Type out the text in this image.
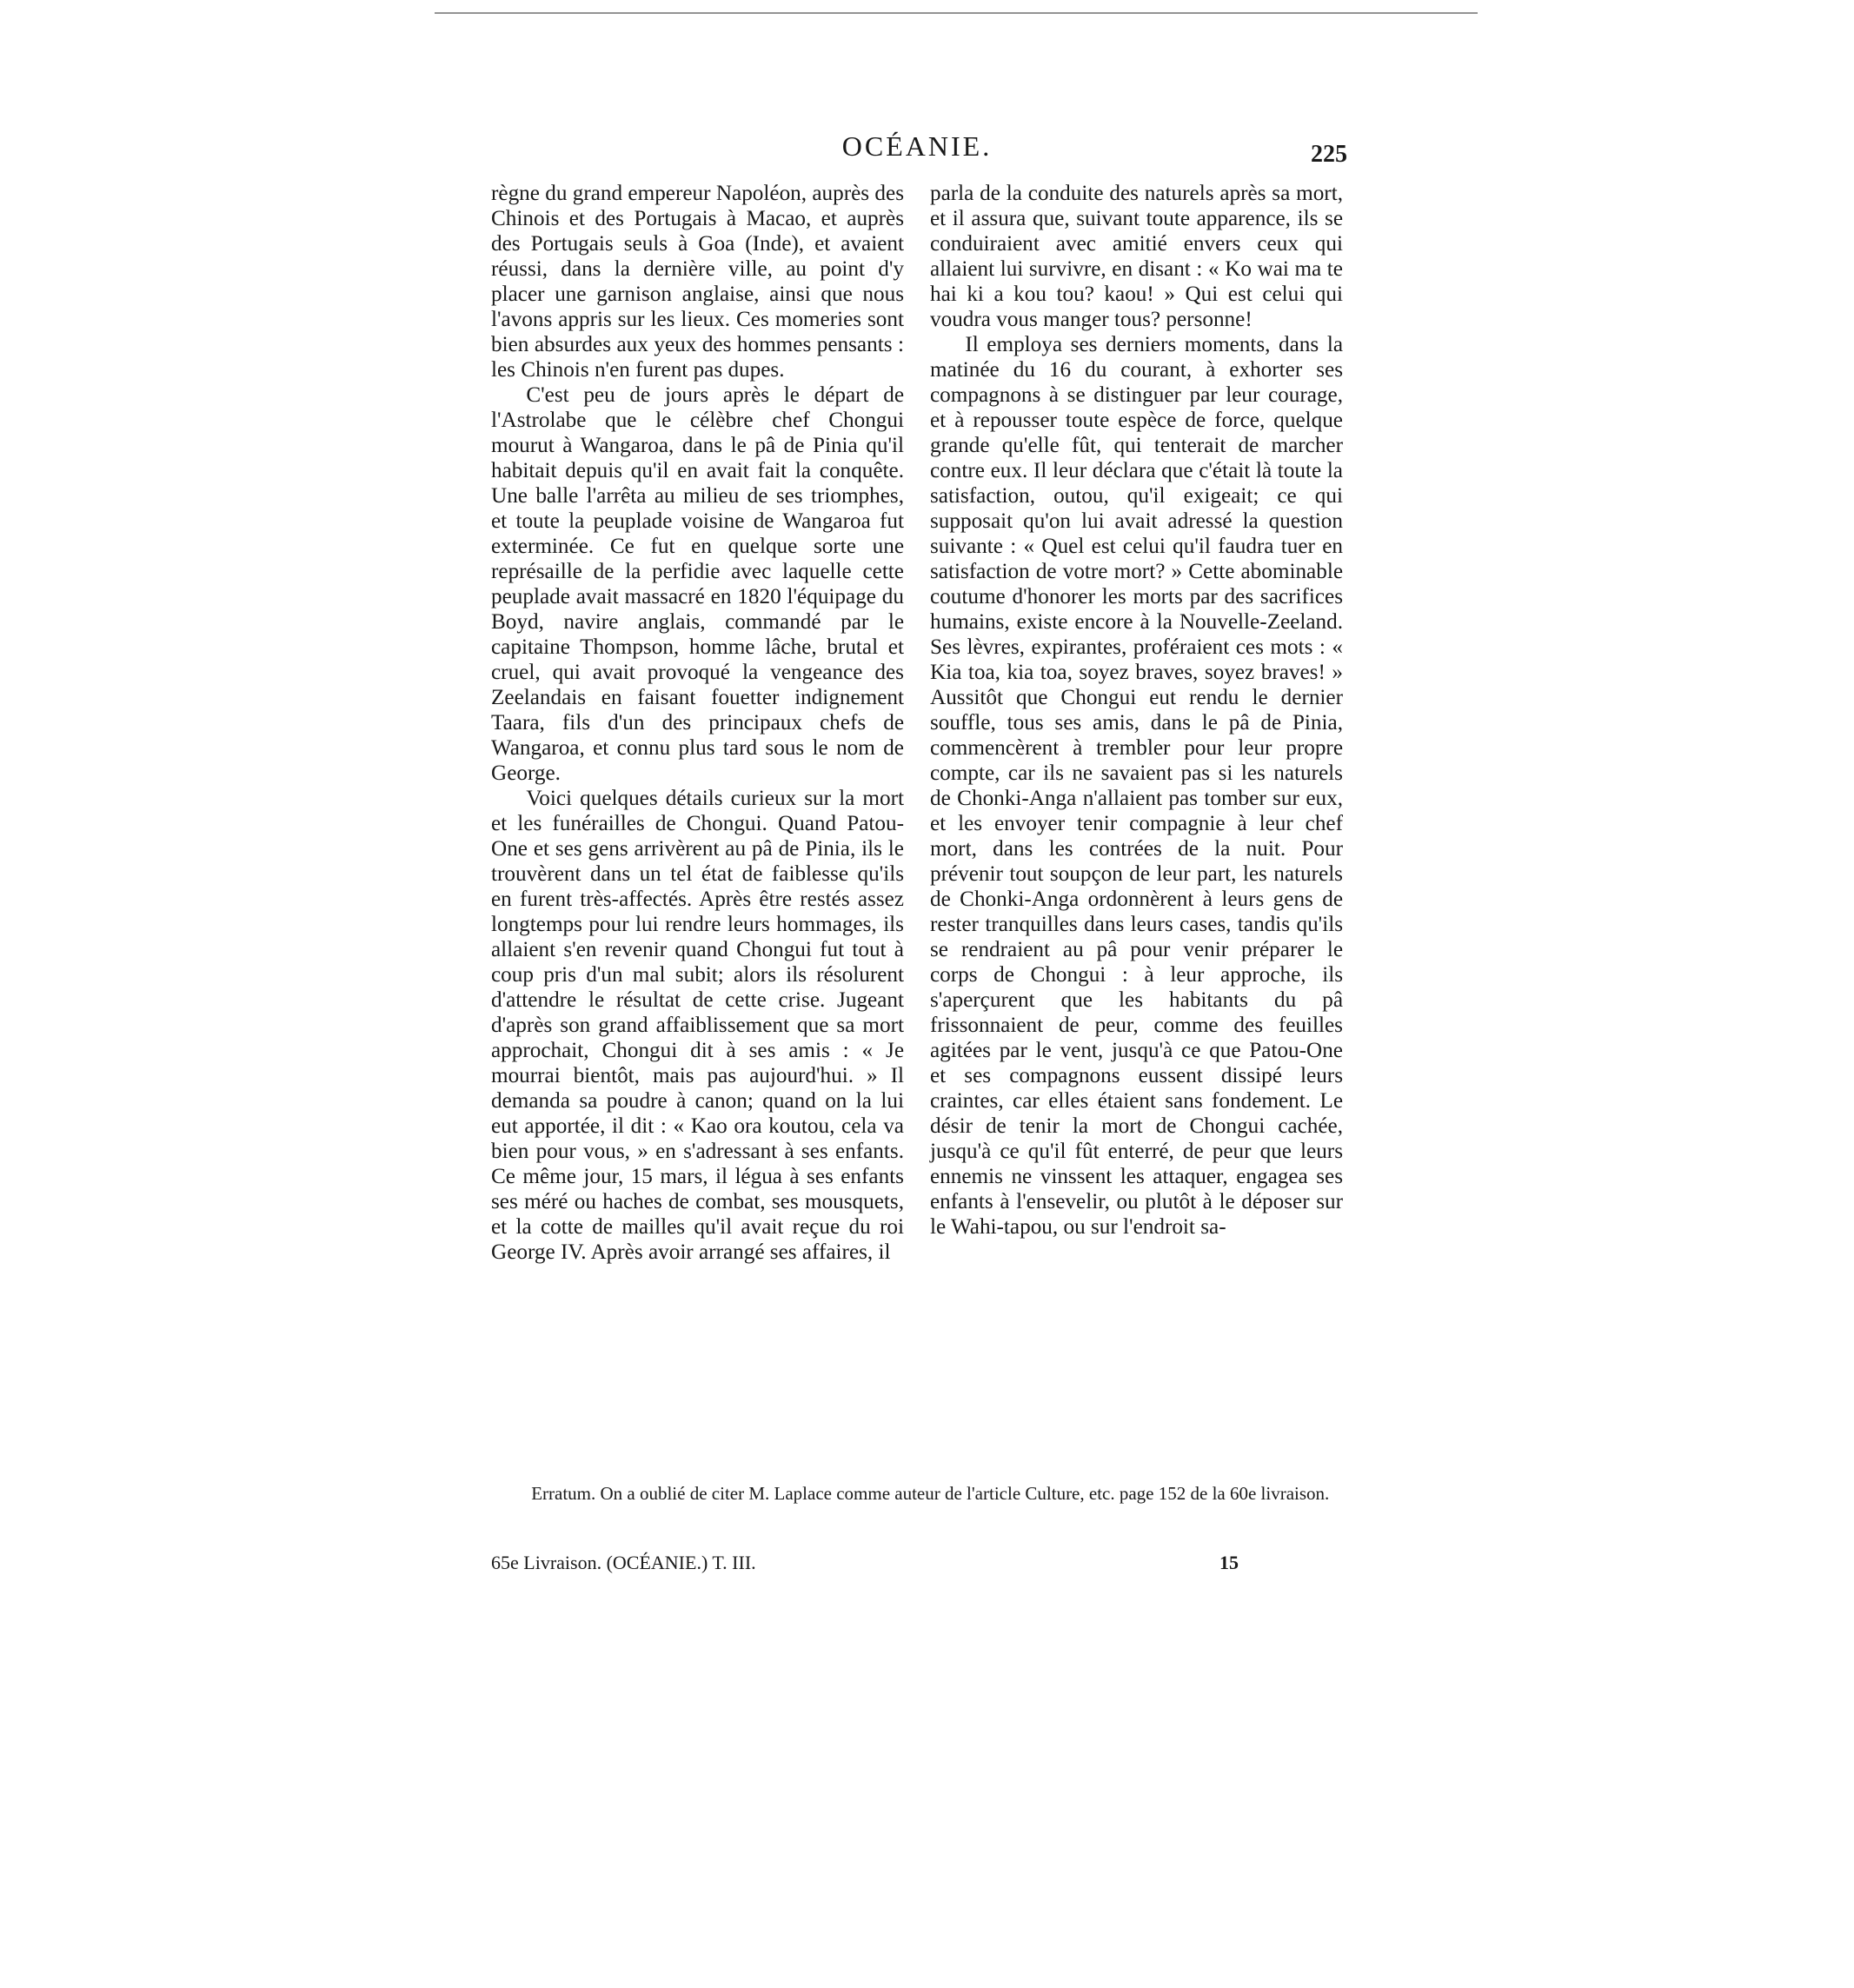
OCÉANIE.	225

règne du grand empereur Napoléon, auprès des Chinois et des Portugais à Macao, et auprès des Portugais seuls à Goa (Inde), et avaient réussi, dans la dernière ville, au point d'y placer une garnison anglaise, ainsi que nous l'avons appris sur les lieux. Ces momeries sont bien absurdes aux yeux des hommes pensants : les Chinois n'en furent pas dupes.

C'est peu de jours après le départ de l'Astrolabe que le célèbre chef Chongui mourut à Wangaroa, dans le pâ de Pinia qu'il habitait depuis qu'il en avait fait la conquête. Une balle l'arrêta au milieu de ses triomphes, et toute la peuplade voisine de Wangaroa fut exterminée. Ce fut en quelque sorte une représaille de la perfidie avec laquelle cette peuplade avait massacré en 1820 l'équipage du Boyd, navire anglais, commandé par le capitaine Thompson, homme lâche, brutal et cruel, qui avait provoqué la vengeance des Zeelandais en faisant fouetter indignement Taara, fils d'un des principaux chefs de Wangaroa, et connu plus tard sous le nom de George.

Voici quelques détails curieux sur la mort et les funérailles de Chongui. Quand Patou-One et ses gens arrivèrent au pâ de Pinia, ils le trouvèrent dans un tel état de faiblesse qu'ils en furent très-affectés. Après être restés assez longtemps pour lui rendre leurs hommages, ils allaient s'en revenir quand Chongui fut tout à coup pris d'un mal subit; alors ils résolurent d'attendre le résultat de cette crise. Jugeant d'après son grand affaiblissement que sa mort approchait, Chongui dit à ses amis : « Je mourrai bientôt, mais pas aujourd'hui. » Il demanda sa poudre à canon; quand on la lui eut apportée, il dit : « Kao ora koutou, cela va bien pour vous, » en s'adressant à ses enfants. Ce même jour, 15 mars, il légua à ses enfants ses méré ou haches de combat, ses mousquets, et la cotte de mailles qu'il avait reçue du roi George IV. Après avoir arrangé ses affaires, il

parla de la conduite des naturels après sa mort, et il assura que, suivant toute apparence, ils se conduiraient avec amitié envers ceux qui allaient lui survivre, en disant : « Ko wai ma te hai ki a kou tou? kaou! » Qui est celui qui voudra vous manger tous? personne!

Il employa ses derniers moments, dans la matinée du 16 du courant, à exhorter ses compagnons à se distinguer par leur courage, et à repousser toute espèce de force, quelque grande qu'elle fût, qui tenterait de marcher contre eux. Il leur déclara que c'était là toute la satisfaction, outou, qu'il exigeait; ce qui supposait qu'on lui avait adressé la question suivante : « Quel est celui qu'il faudra tuer en satisfaction de votre mort? » Cette abominable coutume d'honorer les morts par des sacrifices humains, existe encore à la Nouvelle-Zeeland. Ses lèvres, expirantes, proféraient ces mots : « Kia toa, kia toa, soyez braves, soyez braves! » Aussitôt que Chongui eut rendu le dernier souffle, tous ses amis, dans le pâ de Pinia, commencèrent à trembler pour leur propre compte, car ils ne savaient pas si les naturels de Chonki-Anga n'allaient pas tomber sur eux, et les envoyer tenir compagnie à leur chef mort, dans les contrées de la nuit. Pour prévenir tout soupçon de leur part, les naturels de Chonki-Anga ordonnèrent à leurs gens de rester tranquilles dans leurs cases, tandis qu'ils se rendraient au pâ pour venir préparer le corps de Chongui : à leur approche, ils s'aperçurent que les habitants du pâ frissonnaient de peur, comme des feuilles agitées par le vent, jusqu'à ce que Patou-One et ses compagnons eussent dissipé leurs craintes, car elles étaient sans fondement. Le désir de tenir la mort de Chongui cachée, jusqu'à ce qu'il fût enterré, de peur que leurs ennemis ne vinssent les attaquer, engagea ses enfants à l'ensevelir, ou plutôt à le déposer sur le Wahi-tapou, ou sur l'endroit sa-

Erratum. On a oublié de citer M. Laplace comme auteur de l'article Culture, etc. page 152 de la 60e livraison.
65e Livraison. (OCÉANIE.) T. III.	15
